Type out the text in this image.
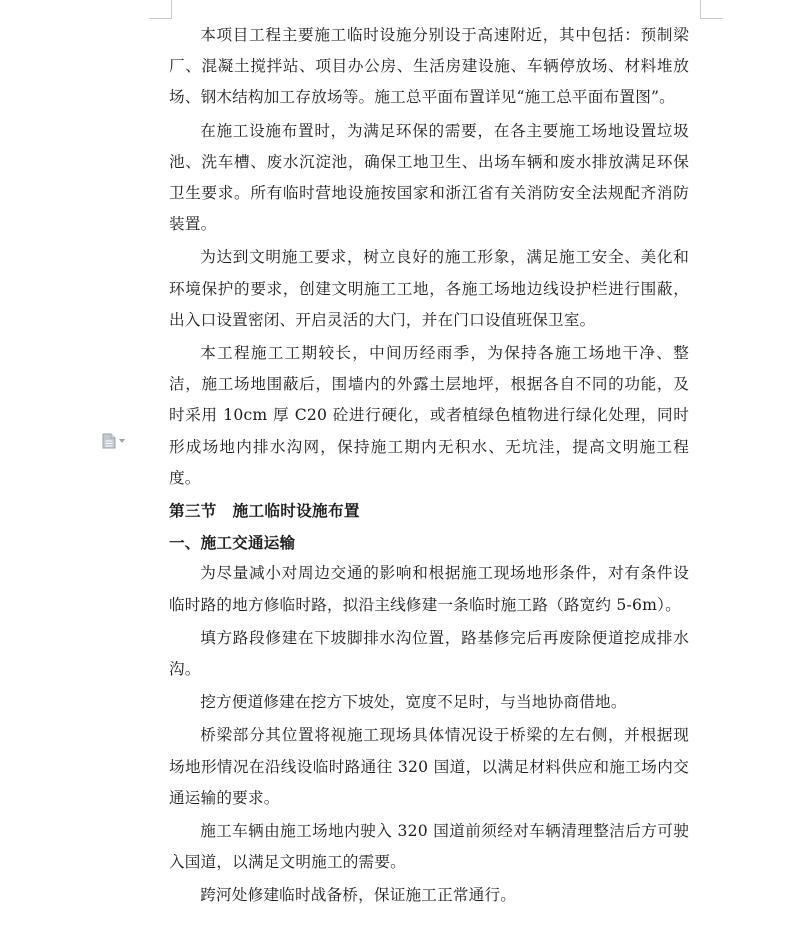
本项目工程主要施工临时设施分别设于高速附近，其中包括：预制梁厂、混凝土搅拌站、项目办公房、生活房建设施、车辆停放场、材料堆放场、钢木结构加工存放场等。施工总平面布置详见“施工总平面布置图”。

在施工设施布置时，为满足环保的需要，在各主要施工场地设置垃圾池、洗车槽、废水沉淀池，确保工地卫生、出场车辆和废水排放满足环保卫生要求。所有临时营地设施按国家和浙江省有关消防安全法规配齐消防装置。

为达到文明施工要求，树立良好的施工形象，满足施工安全、美化和环境保护的要求，创建文明施工工地，各施工场地边线设护栏进行围蔽，出入口设置密闭、开启灵活的大门，并在门口设值班保卫室。

本工程施工工期较长，中间历经雨季，为保持各施工场地干净、整洁，施工场地围蔽后，围墙内的外露土层地坪，根据各自不同的功能，及时采用 10cm 厚 C20 砼进行硬化，或者植绿色植物进行绿化处理，同时形成场地内排水沟网，保持施工期内无积水、无坑洼，提高文明施工程度。

第三节　施工临时设施布置
一、施工交通运输

为尽量减小对周边交通的影响和根据施工现场地形条件，对有条件设临时路的地方修临时路，拟沿主线修建一条临时施工路（路宽约 5-6m）。

填方路段修建在下坡脚排水沟位置，路基修完后再废除便道挖成排水沟。

挖方便道修建在挖方下坡处，宽度不足时，与当地协商借地。

桥梁部分其位置将视施工现场具体情况设于桥梁的左右侧，并根据现场地形情况在沿线设临时路通往 320 国道，以满足材料供应和施工场内交通运输的要求。

施工车辆由施工场地内驶入 320 国道前须经对车辆清理整洁后方可驶入国道，以满足文明施工的需要。

跨河处修建临时战备桥，保证施工正常通行。
